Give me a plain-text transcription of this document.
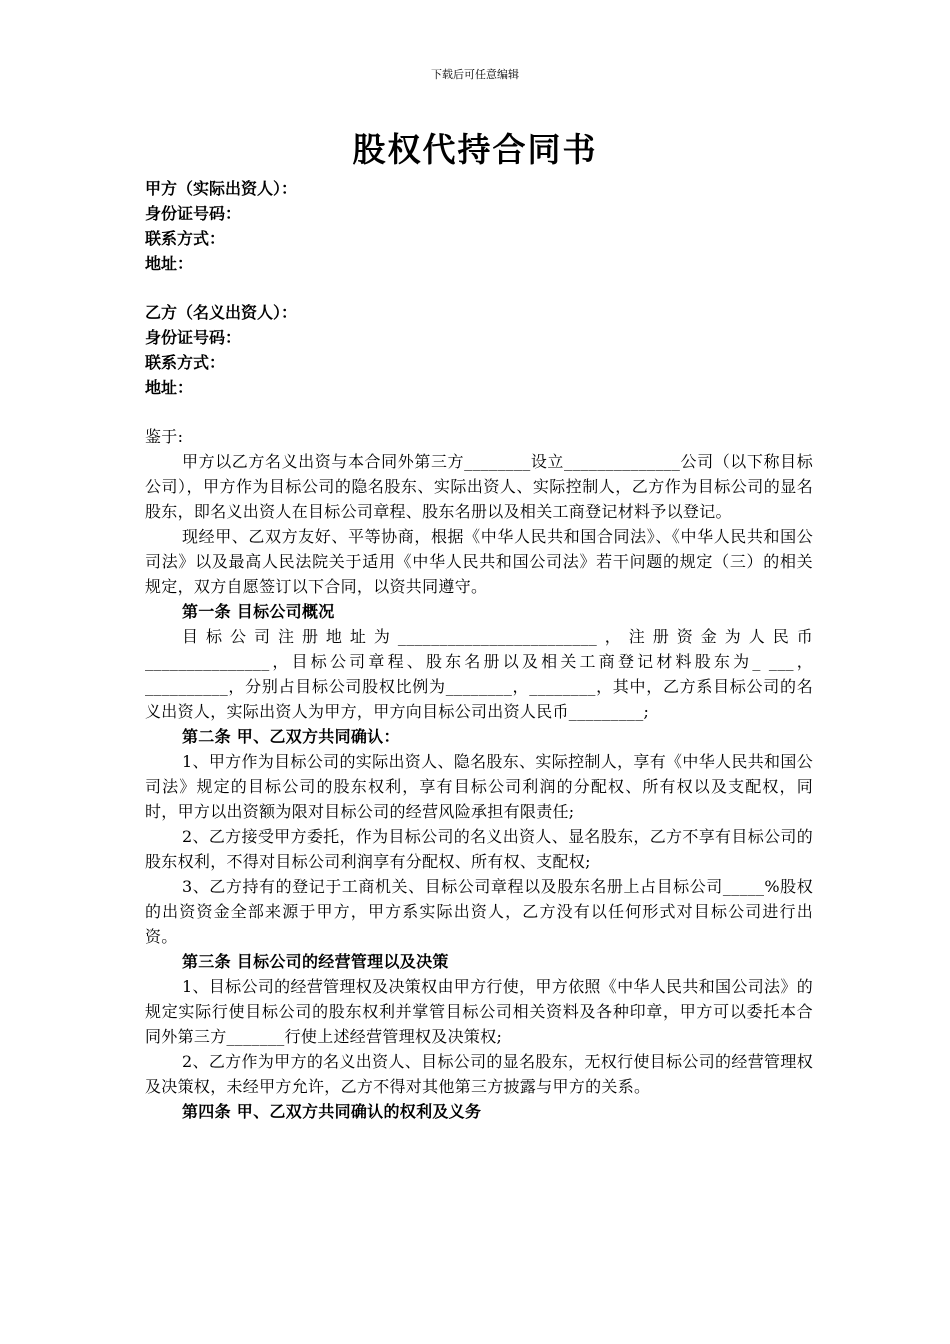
下载后可任意编辑
股权代持合同书
甲方（实际出资人）：
身份证号码：
联系方式：
地址：
乙方（名义出资人）：
身份证号码：
联系方式：
地址：

鉴于:

甲方以乙方名义出资与本合同外第三方________设立______________公司（以下称目标公司），甲方作为目标公司的隐名股东、实际出资人、实际控制人，乙方作为目标公司的显名股东，即名义出资人在目标公司章程、股东名册以及相关工商登记材料予以登记。

现经甲、乙双方友好、平等协商，根据《中华人民共和国合同法》、《中华人民共和国公司法》以及最高人民法院关于适用《中华人民共和国公司法》若干问题的规定（三）的相关规定，双方自愿签订以下合同，以资共同遵守。

第一条 目标公司概况

目标公司注册地址为________________________，注册资金为人民币_______________，目标公司章程、股东名册以及相关工商登记材料股东为_ ___，__________，分别占目标公司股权比例为________，________，其中，乙方系目标公司的名义出资人，实际出资人为甲方，甲方向目标公司出资人民币_________;

第二条 甲、乙双方共同确认：

1、甲方作为目标公司的实际出资人、隐名股东、实际控制人，享有《中华人民共和国公司法》规定的目标公司的股东权利，享有目标公司利润的分配权、所有权以及支配权，同时，甲方以出资额为限对目标公司的经营风险承担有限责任;

2、乙方接受甲方委托，作为目标公司的名义出资人、显名股东，乙方不享有目标公司的股东权利，不得对目标公司利润享有分配权、所有权、支配权;

3、乙方持有的登记于工商机关、目标公司章程以及股东名册上占目标公司_____%股权的出资资金全部来源于甲方，甲方系实际出资人，乙方没有以任何形式对目标公司进行出资。

第三条 目标公司的经营管理以及决策

1、目标公司的经营管理权及决策权由甲方行使，甲方依照《中华人民共和国公司法》的规定实际行使目标公司的股东权利并掌管目标公司相关资料及各种印章，甲方可以委托本合同外第三方_______行使上述经营管理权及决策权;

2、乙方作为甲方的名义出资人、目标公司的显名股东，无权行使目标公司的经营管理权及决策权，未经甲方允许，乙方不得对其他第三方披露与甲方的关系。

第四条 甲、乙双方共同确认的权利及义务
